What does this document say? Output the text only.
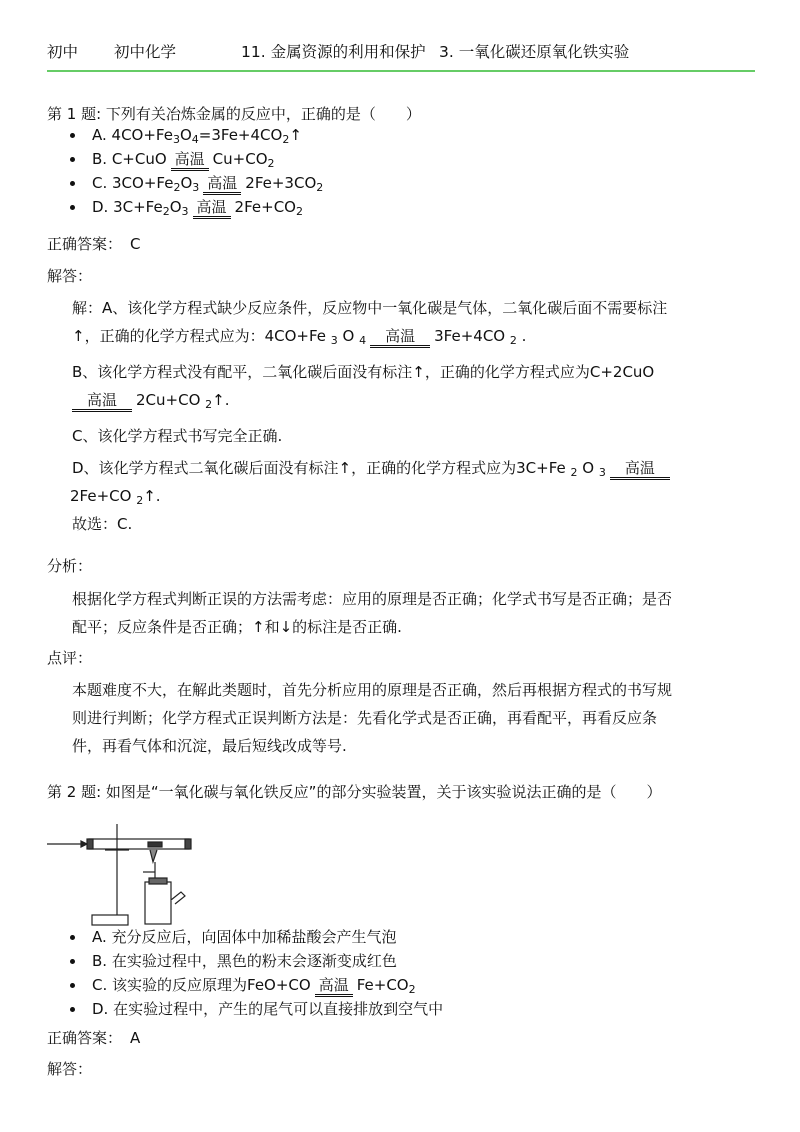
初中 初中化学	11. 金属资源的利用和保护 3. 一氧化碳还原氧化铁实验
第 1 题: 下列有关冶炼金属的反应中，正确的是（　　）
A. $4CO+Fe_3O_4=3Fe+4CO_2↑$
B. C+CuO 高温 $Cu+CO_2$
C. $3CO+Fe_2O_3$ 高温 $2Fe+3CO_2$
D. $3C+Fe_2O_3$ 高温 $2Fe+CO_2$
正确答案： C
解答：
解：A、该化学方程式缺少反应条件，反应物中一氧化碳是气体，二氧化碳后面不需要标注
↑，正确的化学方程式应为：4CO+Fe $_3$ O $_4$ 高温 3Fe+4CO $_2$ .
B、该化学方程式没有配平，二氧化碳后面没有标注↑，正确的化学方程式应为C+2CuO
高温 2Cu+CO $_2$↑.
C、该化学方程式书写完全正确.
D、该化学方程式二氧化碳后面没有标注↑，正确的化学方程式应为3C+Fe $_2$ O $_3$ 高温
2Fe+CO $_2$↑.
故选：C.
分析：
根据化学方程式判断正误的方法需考虑：应用的原理是否正确；化学式书写是否正确；是否
配平；反应条件是否正确；↑和↓的标注是否正确.
点评：
本题难度不大，在解此类题时，首先分析应用的原理是否正确，然后再根据方程式的书写规
则进行判断；化学方程式正误判断方法是：先看化学式是否正确，再看配平，再看反应条
件，再看气体和沉淀，最后短线改成等号.
第 2 题: 如图是“一氧化碳与氧化铁反应”的部分实验装置，关于该实验说法正确的是（　　）
A. 充分反应后，向固体中加稀盐酸会产生气泡
B. 在实验过程中，黑色的粉末会逐渐变成红色
C. 该实验的反应原理为FeO+CO 高温 $Fe+CO_2$
D. 在实验过程中，产生的尾气可以直接排放到空气中
正确答案： A
解答：
